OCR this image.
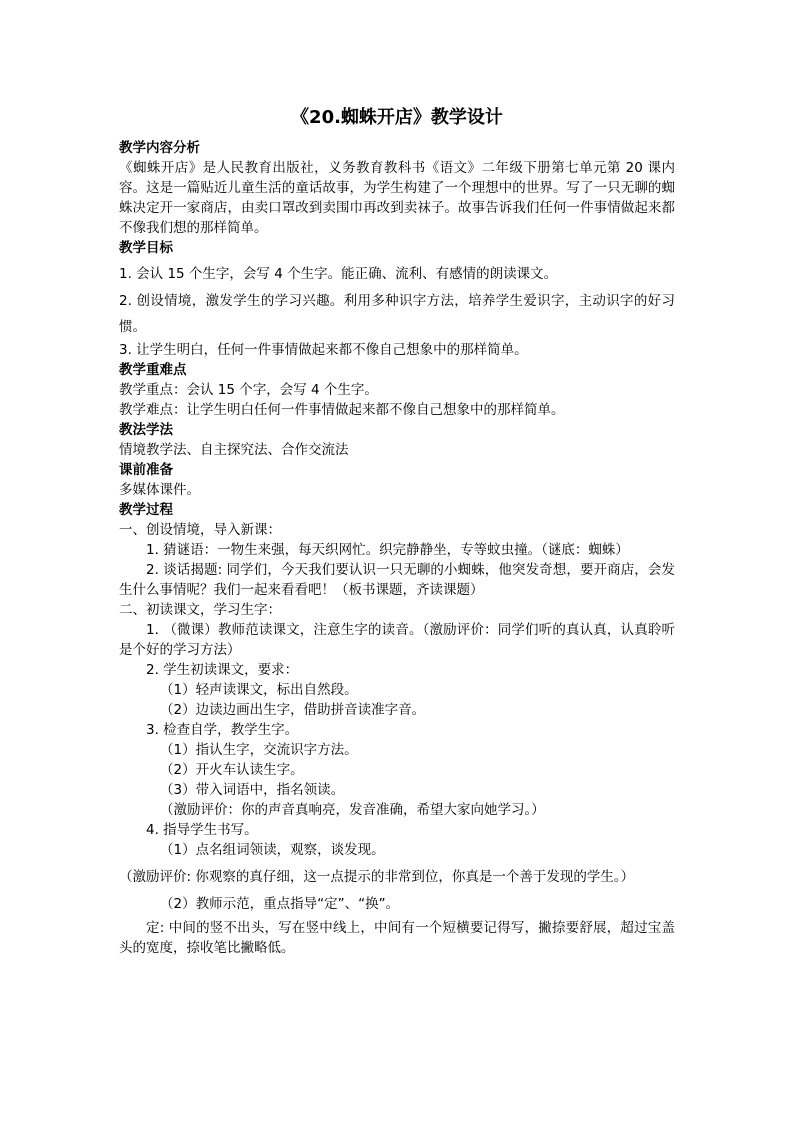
《20.蜘蛛开店》教学设计
教学内容分析
《蜘蛛开店》是人民教育出版社，义务教育教科书《语文》二年级下册第七单元第 20 课内容。这是一篇贴近儿童生活的童话故事，为学生构建了一个理想中的世界。写了一只无聊的蜘蛛决定开一家商店，由卖口罩改到卖围巾再改到卖袜子。故事告诉我们任何一件事情做起来都不像我们想的那样简单。
教学目标
1. 会认 15 个生字，会写 4 个生字。能正确、流利、有感情的朗读课文。
2. 创设情境，激发学生的学习兴趣。利用多种识字方法，培养学生爱识字，主动识字的好习惯。
3. 让学生明白，任何一件事情做起来都不像自己想象中的那样简单。
教学重难点
教学重点：会认 15 个字，会写 4 个生字。
教学难点：让学生明白任何一件事情做起来都不像自己想象中的那样简单。
教法学法
情境教学法、自主探究法、合作交流法
课前准备
多媒体课件。
教学过程
一、创设情境，导入新课：
1. 猜谜语：一物生来强，每天织网忙。织完静静坐，专等蚊虫撞。（谜底：蜘蛛）
2. 谈话揭题: 同学们，今天我们要认识一只无聊的小蜘蛛，他突发奇想，要开商店，会发生什么事情呢？我们一起来看看吧！（板书课题，齐读课题）
二、初读课文，学习生字：
1. （微课）教师范读课文，注意生字的读音。（激励评价：同学们听的真认真，认真聆听是个好的学习方法）
2. 学生初读课文，要求：
（1）轻声读课文，标出自然段。
（2）边读边画出生字，借助拼音读准字音。
3. 检查自学，教学生字。
（1）指认生字，交流识字方法。
（2）开火车认读生字。
（3）带入词语中，指名领读。
（激励评价：你的声音真响亮，发音准确，希望大家向她学习。）
4. 指导学生书写。
（1）点名组词领读，观察，谈发现。
（激励评价: 你观察的真仔细，这一点提示的非常到位，你真是一个善于发现的学生。）
（2）教师示范，重点指导“定”、“换”。
定: 中间的竖不出头，写在竖中线上，中间有一个短横要记得写，撇捺要舒展，超过宝盖头的宽度，捺收笔比撇略低。
